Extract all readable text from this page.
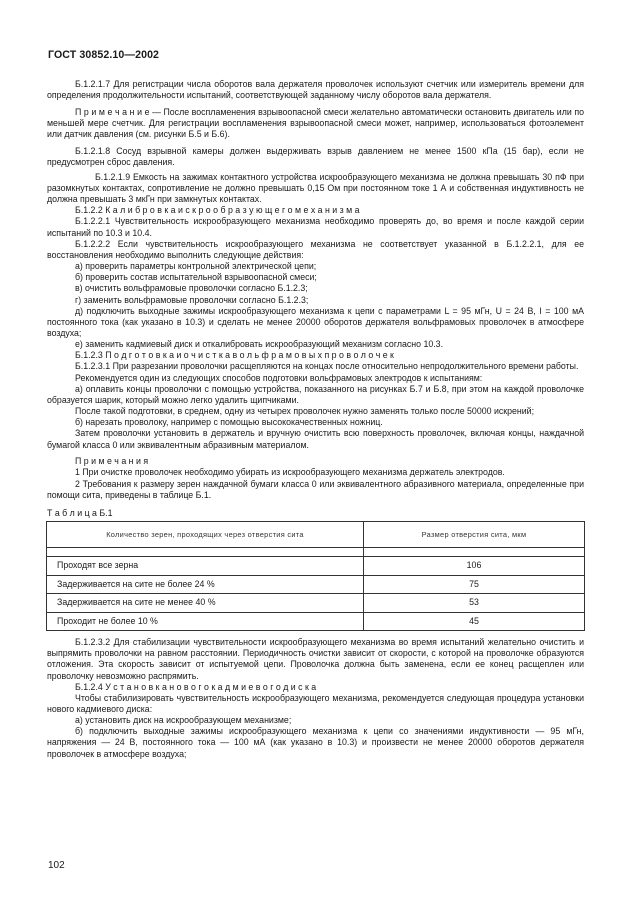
ГОСТ 30852.10—2002

Б.1.2.1.7 Для регистрации числа оборотов вала держателя проволочек используют счетчик или измеритель времени для определения продолжительности испытаний, соответствующей заданному числу оборотов вала держателя.

П р и м е ч а н и е — После воспламенения взрывоопасной смеси желательно автоматически остановить двигатель или по меньшей мере счетчик. Для регистрации воспламенения взрывоопасной смеси может, например, использоваться фотоэлемент или датчик давления (см. рисунки Б.5 и Б.6).

Б.1.2.1.8 Сосуд взрывной камеры должен выдерживать взрыв давлением не менее 1500 кПа (15 бар), если не предусмотрен сброс давления.

Б.1.2.1.9 Емкость на зажимах контактного устройства искрообразующего механизма не должна превышать 30 пФ при разомкнутых контактах, сопротивление не должно превышать 0,15 Ом при постоянном токе 1 А и собственная индуктивность не должна превышать 3 мкГн при замкнутых контактах.

Б.1.2.2 К а л и б р о в к а и с к р о о б р а з у ю щ е г о м е х а н и з м а

Б.1.2.2.1 Чувствительность искрообразующего механизма необходимо проверять до, во время и после каждой серии испытаний по 10.3 и 10.4.

Б.1.2.2.2 Если чувствительность искрообразующего механизма не соответствует указанной в Б.1.2.2.1, для ее восстановления необходимо выполнить следующие действия:

а) проверить параметры контрольной электрической цепи;

б) проверить состав испытательной взрывоопасной смеси;

в) очистить вольфрамовые проволочки согласно Б.1.2.3;

г) заменить вольфрамовые проволочки согласно Б.1.2.3;

д) подключить выходные зажимы искрообразующего механизма к цепи с параметрами L = 95 мГн, U = 24 В, I = 100 мА постоянного тока (как указано в 10.3) и сделать не менее 20000 оборотов держателя вольфрамовых проволочек в атмосфере воздуха;

е) заменить кадмиевый диск и откалибровать искрообразующий механизм согласно 10.3.

Б.1.2.3 П о д г о т о в к а и о ч и с т к а в о л ь ф р а м о в ы х п р о в о л о ч е к

Б.1.2.3.1 При разрезании проволочки расщепляются на концах после относительно непродолжительного времени работы.

Рекомендуется один из следующих способов подготовки вольфрамовых электродов к испытаниям:

а) оплавить концы проволочки с помощью устройства, показанного на рисунках Б.7 и Б.8, при этом на каждой проволочке образуется шарик, который можно легко удалить щипчиками.

После такой подготовки, в среднем, одну из четырех проволочек нужно заменять только после 50000 искрений;

б) нарезать проволоку, например с помощью высококачественных ножниц.

Затем проволочки установить в держатель и вручную очистить всю поверхность проволочек, включая концы, наждачной бумагой класса 0 или эквивалентным абразивным материалом.

П р и м е ч а н и я

1 При очистке проволочек необходимо убирать из искрообразующего механизма держатель электродов.

2 Требования к размеру зерен наждачной бумаги класса 0 или эквивалентного абразивного материала, определенные при помощи сита, приведены в таблице Б.1.

Т а б л и ц а Б.1

Количество зерен, проходящих через отверстия сита	Размер отверстия сита, мкм

Проходят все зерна	106
Задерживается на сите не более 24 %	75
Задерживается на сите не менее 40 %	53
Проходит не более 10 %	45

Б.1.2.3.2 Для стабилизации чувствительности искрообразующего механизма во время испытаний желательно очистить и выпрямить проволочки на равном расстоянии. Периодичность очистки зависит от скорости, с которой на проволочке образуются отложения. Эта скорость зависит от испытуемой цепи. Проволочка должна быть заменена, если ее конец расщеплен или проволочку невозможно распрямить.

Б.1.2.4 У с т а н о в к а н о в о г о к а д м и е в о г о д и с к а

Чтобы стабилизировать чувствительность искрообразующего механизма, рекомендуется следующая процедура установки нового кадмиевого диска:

а) установить диск на искрообразующем механизме;

б) подключить выходные зажимы искрообразующего механизма к цепи со значениями индуктивности — 95 мГн, напряжения — 24 В, постоянного тока — 100 мА (как указано в 10.3) и произвести не менее 20000 оборотов держателя проволочек в атмосфере воздуха;

102
